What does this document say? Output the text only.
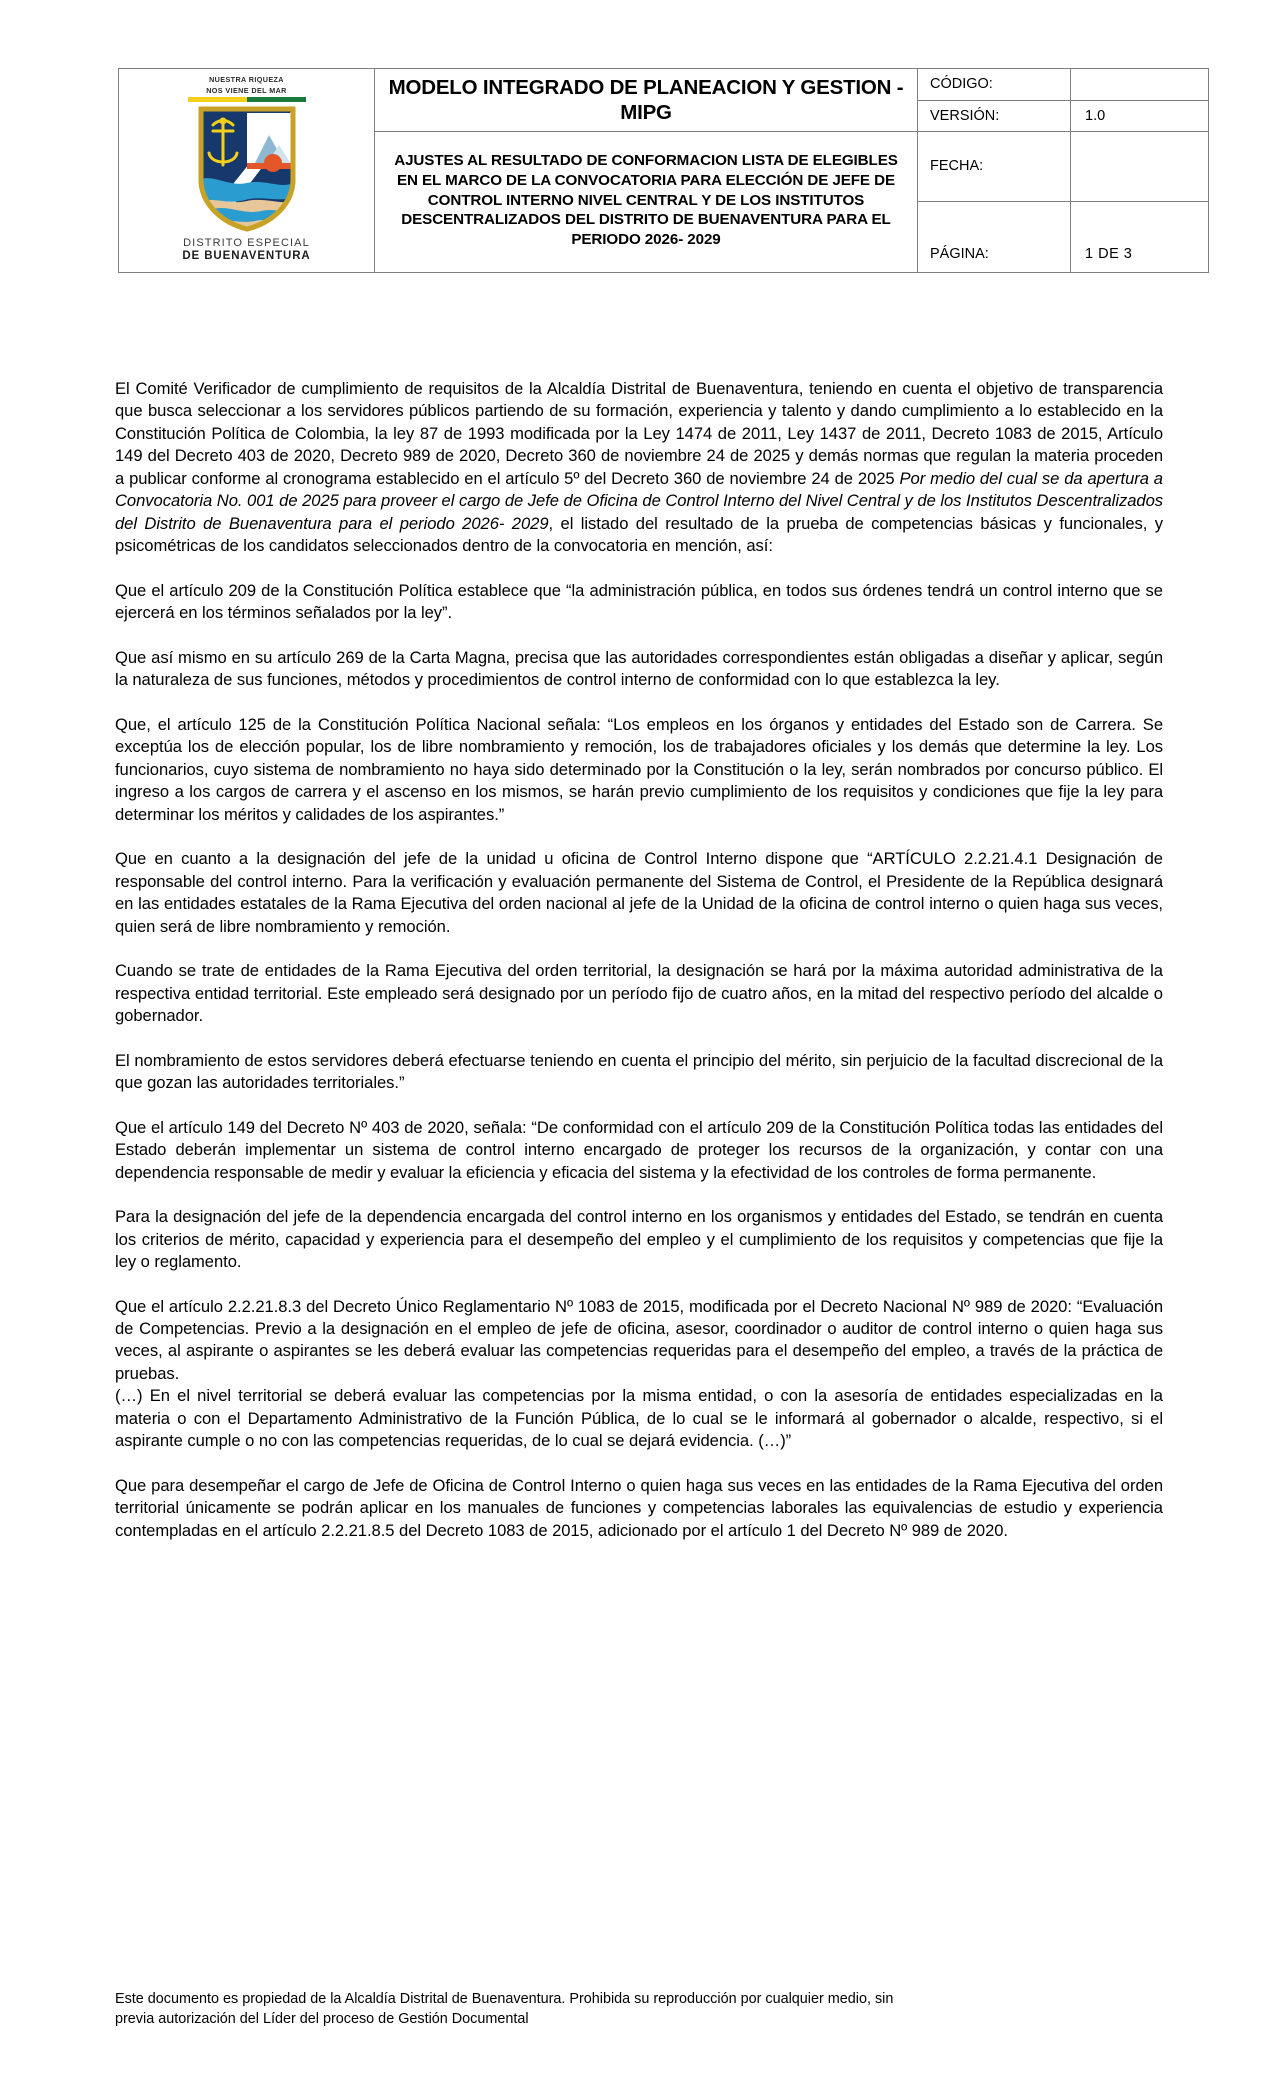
NUESTRA RIQUEZA
NOS VIENE DEL MAR
DISTRITO ESPECIAL
DE BUENAVENTURA	MODELO INTEGRADO DE PLANEACION Y GESTION - MIPG	CÓDIGO:	
		VERSIÓN:	1.0

	AJUSTES AL RESULTADO DE CONFORMACION LISTA DE ELEGIBLES EN EL MARCO DE LA CONVOCATORIA PARA ELECCIÓN DE JEFE DE CONTROL INTERNO NIVEL CENTRAL Y DE LOS INSTITUTOS DESCENTRALIZADOS DEL DISTRITO DE BUENAVENTURA PARA EL PERIODO 2026- 2029	FECHA:	
		PÁGINA:	1 DE 3

El Comité Verificador de cumplimiento de requisitos de la Alcaldía Distrital de Buenaventura, teniendo en cuenta el objetivo de transparencia que busca seleccionar a los servidores públicos partiendo de su formación, experiencia y talento y dando cumplimiento a lo establecido en la Constitución Política de Colombia, la ley 87 de 1993 modificada por la Ley 1474 de 2011, Ley 1437 de 2011, Decreto 1083 de 2015, Artículo 149 del Decreto 403 de 2020, Decreto 989 de 2020, Decreto 360 de noviembre 24 de 2025 y demás normas que regulan la materia proceden a publicar conforme al cronograma establecido en el artículo 5º del Decreto 360 de noviembre 24 de 2025 Por medio del cual se da apertura a Convocatoria No. 001 de 2025 para proveer el cargo de Jefe de Oficina de Control Interno del Nivel Central y de los Institutos Descentralizados del Distrito de Buenaventura para el periodo 2026- 2029, el listado del resultado de la prueba de competencias básicas y funcionales, y psicométricas de los candidatos seleccionados dentro de la convocatoria en mención, así:

Que el artículo 209 de la Constitución Política establece que “la administración pública, en todos sus órdenes tendrá un control interno que se ejercerá en los términos señalados por la ley”.

Que así mismo en su artículo 269 de la Carta Magna, precisa que las autoridades correspondientes están obligadas a diseñar y aplicar, según la naturaleza de sus funciones, métodos y procedimientos de control interno de conformidad con lo que establezca la ley.

Que, el artículo 125 de la Constitución Política Nacional señala: “Los empleos en los órganos y entidades del Estado son de Carrera. Se exceptúa los de elección popular, los de libre nombramiento y remoción, los de trabajadores oficiales y los demás que determine la ley. Los funcionarios, cuyo sistema de nombramiento no haya sido determinado por la Constitución o la ley, serán nombrados por concurso público. El ingreso a los cargos de carrera y el ascenso en los mismos, se harán previo cumplimiento de los requisitos y condiciones que fije la ley para determinar los méritos y calidades de los aspirantes.”

Que en cuanto a la designación del jefe de la unidad u oficina de Control Interno dispone que “ARTÍCULO 2.2.21.4.1 Designación de responsable del control interno. Para la verificación y evaluación permanente del Sistema de Control, el Presidente de la República designará en las entidades estatales de la Rama Ejecutiva del orden nacional al jefe de la Unidad de la oficina de control interno o quien haga sus veces, quien será de libre nombramiento y remoción.

Cuando se trate de entidades de la Rama Ejecutiva del orden territorial, la designación se hará por la máxima autoridad administrativa de la respectiva entidad territorial. Este empleado será designado por un período fijo de cuatro años, en la mitad del respectivo período del alcalde o gobernador.

El nombramiento de estos servidores deberá efectuarse teniendo en cuenta el principio del mérito, sin perjuicio de la facultad discrecional de la que gozan las autoridades territoriales.”

Que el artículo 149 del Decreto Nº 403 de 2020, señala: “De conformidad con el artículo 209 de la Constitución Política todas las entidades del Estado deberán implementar un sistema de control interno encargado de proteger los recursos de la organización, y contar con una dependencia responsable de medir y evaluar la eficiencia y eficacia del sistema y la efectividad de los controles de forma permanente.

Para la designación del jefe de la dependencia encargada del control interno en los organismos y entidades del Estado, se tendrán en cuenta los criterios de mérito, capacidad y experiencia para el desempeño del empleo y el cumplimiento de los requisitos y competencias que fije la ley o reglamento.

Que el artículo 2.2.21.8.3 del Decreto Único Reglamentario Nº 1083 de 2015, modificada por el Decreto Nacional Nº 989 de 2020: “Evaluación de Competencias. Previo a la designación en el empleo de jefe de oficina, asesor, coordinador o auditor de control interno o quien haga sus veces, al aspirante o aspirantes se les deberá evaluar las competencias requeridas para el desempeño del empleo, a través de la práctica de pruebas.

(…) En el nivel territorial se deberá evaluar las competencias por la misma entidad, o con la asesoría de entidades especializadas en la materia o con el Departamento Administrativo de la Función Pública, de lo cual se le informará al gobernador o alcalde, respectivo, si el aspirante cumple o no con las competencias requeridas, de lo cual se dejará evidencia. (…)”

Que para desempeñar el cargo de Jefe de Oficina de Control Interno o quien haga sus veces en las entidades de la Rama Ejecutiva del orden territorial únicamente se podrán aplicar en los manuales de funciones y competencias laborales las equivalencias de estudio y experiencia contempladas en el artículo 2.2.21.8.5 del Decreto 1083 de 2015, adicionado por el artículo 1 del Decreto Nº 989 de 2020.

Este documento es propiedad de la Alcaldía Distrital de Buenaventura. Prohibida su reproducción por cualquier medio, sin
previa autorización del Líder del proceso de Gestión Documental
